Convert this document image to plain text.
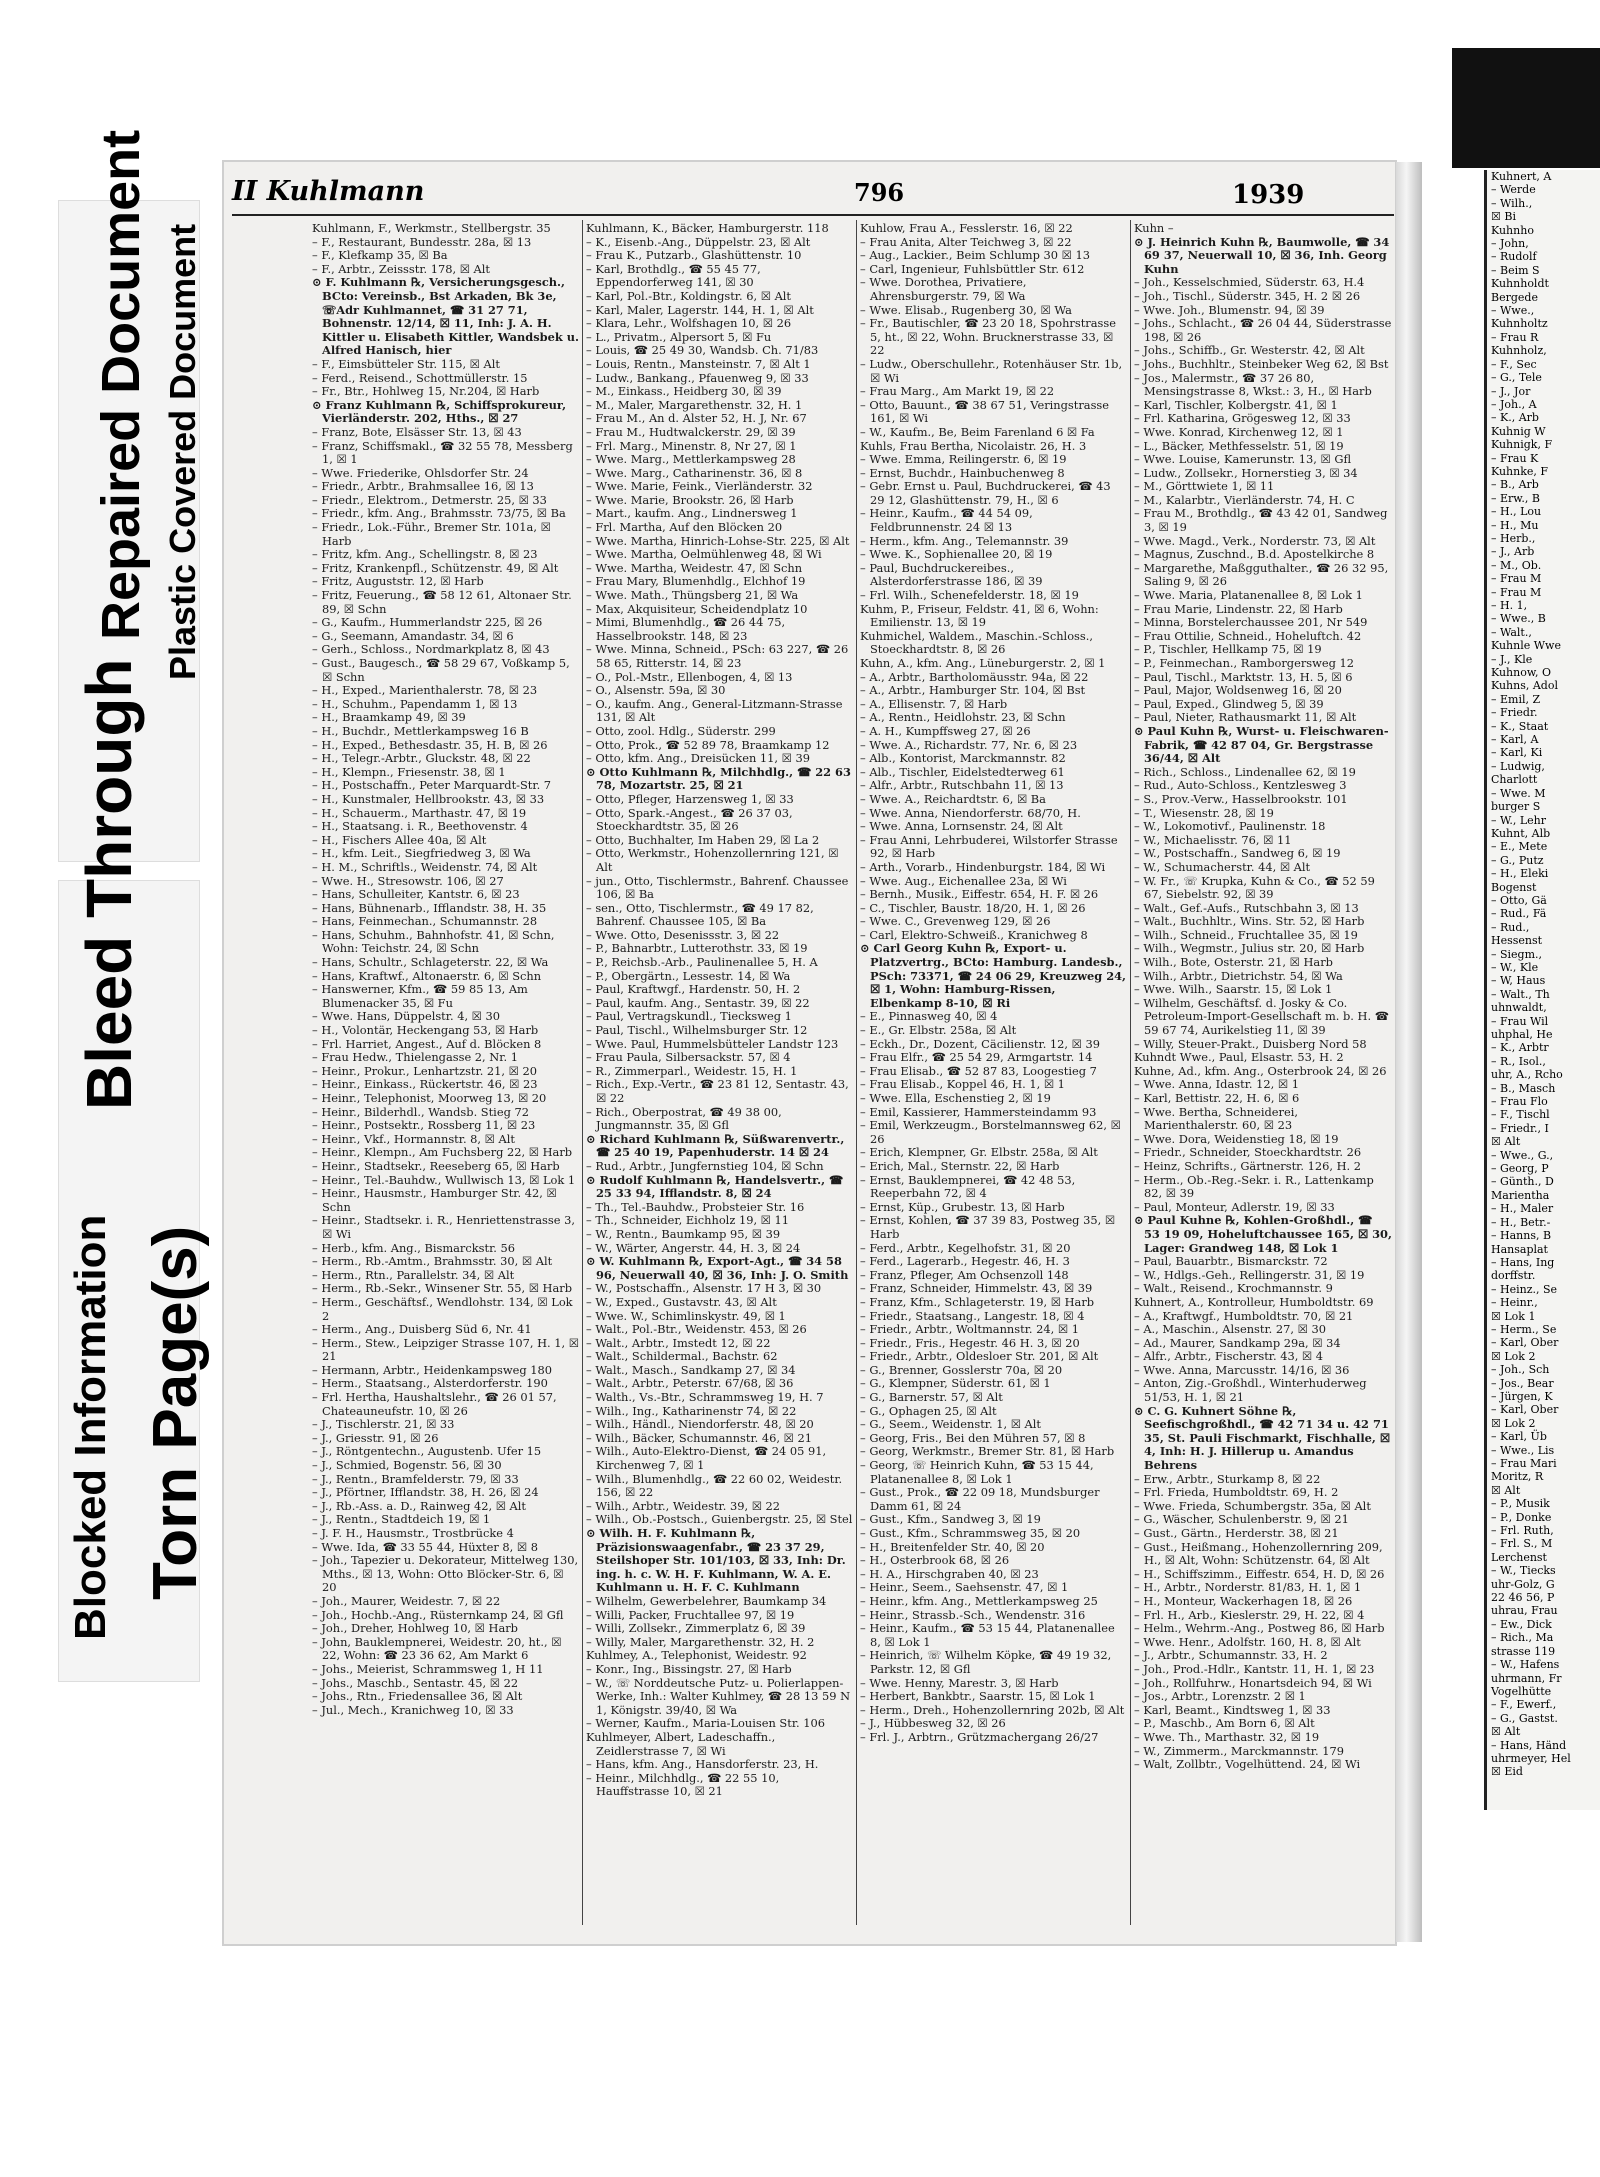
Blocked Information Torn Page(s)
Bleed Through
Repaired Document Plastic Covered Document
II Kuhlmann	796	1939

Kuhlmann, F., Werkmstr., Stellbergstr. 35

– F., Restaurant, Bundesstr. 28a, ☒ 13

– F., Klefkamp 35, ☒ Ba

– F., Arbtr., Zeissstr. 178, ☒ Alt

⊙ F. Kuhlmann ℞, Versicherungsgesch., BCto: Vereinsb., Bst Arkaden, Bk 3e, ☏Adr Kuhlmannet, ☎ 31 27 71, Bohnenstr. 12/14, ☒ 11, Inh: J. A. H. Kittler u. Elisabeth Kittler, Wandsbek u. Alfred Hanisch, hier

– F., Eimsbütteler Str. 115, ☒ Alt

– Ferd., Reisend., Schottmüllerstr. 15

– Fr., Btr., Hohlweg 15, Nr.204, ☒ Harb

⊙ Franz Kuhlmann ℞, Schiffsprokureur, Vierländerstr. 202, Hths., ☒ 27

– Franz, Bote, Elsässer Str. 13, ☒ 43

– Franz, Schiffsmakl., ☎ 32 55 78, Messberg 1, ☒ 1

– Wwe. Friederike, Ohlsdorfer Str. 24

– Friedr., Arbtr., Brahmsallee 16, ☒ 13

– Friedr., Elektrom., Detmerstr. 25, ☒ 33

– Friedr., kfm. Ang., Brahmsstr. 73/75, ☒ Ba

– Friedr., Lok.-Führ., Bremer Str. 101a, ☒ Harb

– Fritz, kfm. Ang., Schellingstr. 8, ☒ 23

– Fritz, Krankenpfl., Schützenstr. 49, ☒ Alt

– Fritz, Auguststr. 12, ☒ Harb

– Fritz, Feuerung., ☎ 58 12 61, Altonaer Str. 89, ☒ Schn

– G., Kaufm., Hummerlandstr 225, ☒ 26

– G., Seemann, Amandastr. 34, ☒ 6

– Gerh., Schloss., Nordmarkplatz 8, ☒ 43

– Gust., Baugesch., ☎ 58 29 67, Voßkamp 5, ☒ Schn

– H., Exped., Marienthalerstr. 78, ☒ 23

– H., Schuhm., Papendamm 1, ☒ 13

– H., Braamkamp 49, ☒ 39

– H., Buchdr., Mettlerkampsweg 16 B

– H., Exped., Bethesdastr. 35, H. B, ☒ 26

– H., Telegr.-Arbtr., Gluckstr. 48, ☒ 22

– H., Klempn., Friesenstr. 38, ☒ 1

– H., Postschaffn., Peter Marquardt-Str. 7

– H., Kunstmaler, Hellbrookstr. 43, ☒ 33

– H., Schauerm., Marthastr. 47, ☒ 19

– H., Staatsang. i. R., Beethovenstr. 4

– H., Fischers Allee 40a, ☒ Alt

– H., kfm. Leit., Siegfriedweg 3, ☒ Wa

– H. M., Schriftls., Weidenstr. 74, ☒ Alt

– Wwe. H., Stresowstr. 106, ☒ 27

– Hans, Schulleiter, Kantstr. 6, ☒ 23

– Hans, Bühnenarb., Ifflandstr. 38, H. 35

– Hans, Feinmechan., Schumannstr. 28

– Hans, Schuhm., Bahnhofstr. 41, ☒ Schn, Wohn: Teichstr. 24, ☒ Schn

– Hans, Schultr., Schlageterstr. 22, ☒ Wa

– Hans, Kraftwf., Altonaerstr. 6, ☒ Schn

– Hanswerner, Kfm., ☎ 59 85 13, Am Blumenacker 35, ☒ Fu

– Wwe. Hans, Düppelstr. 4, ☒ 30

– H., Volontär, Heckengang 53, ☒ Harb

– Frl. Harriet, Angest., Auf d. Blöcken 8

– Frau Hedw., Thielengasse 2, Nr. 1

– Heinr., Prokur., Lenhartzstr. 21, ☒ 20

– Heinr., Einkass., Rückertstr. 46, ☒ 23

– Heinr., Telephonist, Moorweg 13, ☒ 20

– Heinr., Bilderhdl., Wandsb. Stieg 72

– Heinr., Postsektr., Rossberg 11, ☒ 23

– Heinr., Vkf., Hormannstr. 8, ☒ Alt

– Heinr., Klempn., Am Fuchsberg 22, ☒ Harb

– Heinr., Stadtsekr., Reeseberg 65, ☒ Harb

– Heinr., Tel.-Bauhdw., Wullwisch 13, ☒ Lok 1

– Heinr., Hausmstr., Hamburger Str. 42, ☒ Schn

– Heinr., Stadtsekr. i. R., Henriettenstrasse 3, ☒ Wi

– Herb., kfm. Ang., Bismarckstr. 56

– Herm., Rb.-Amtm., Brahmsstr. 30, ☒ Alt

– Herm., Rtn., Parallelstr. 34, ☒ Alt

– Herm., Rb.-Sekr., Winsener Str. 55, ☒ Harb

– Herm., Geschäftsf., Wendlohstr. 134, ☒ Lok 2

– Herm., Ang., Duisberg Süd 6, Nr. 41

– Herm., Stew., Leipziger Strasse 107, H. 1, ☒ 21

– Hermann, Arbtr., Heidenkampsweg 180

– Herm., Staatsang., Alsterdorferstr. 190

– Frl. Hertha, Haushaltslehr., ☎ 26 01 57, Chateauneufstr. 10, ☒ 26

– J., Tischlerstr. 21, ☒ 33

– J., Griesstr. 91, ☒ 26

– J., Röntgentechn., Augustenb. Ufer 15

– J., Schmied, Bogenstr. 56, ☒ 30

– J., Rentn., Bramfelderstr. 79, ☒ 33

– J., Pförtner, Ifflandstr. 38, H. 26, ☒ 24

– J., Rb.-Ass. a. D., Rainweg 42, ☒ Alt

– J., Rentn., Stadtdeich 19, ☒ 1

– J. F. H., Hausmstr., Trostbrücke 4

– Wwe. Ida, ☎ 33 55 44, Hüxter 8, ☒ 8

– Joh., Tapezier u. Dekorateur, Mittelweg 130, Mths., ☒ 13, Wohn: Otto Blöcker-Str. 6, ☒ 20

– Joh., Maurer, Weidestr. 7, ☒ 22

– Joh., Hochb.-Ang., Rüsternkamp 24, ☒ Gfl

– Joh., Dreher, Hohlweg 10, ☒ Harb

– John, Bauklempnerei, Weidestr. 20, ht., ☒ 22, Wohn: ☎ 23 36 62, Am Markt 6

– Johs., Meierist, Schrammsweg 1, H 11

– Johs., Maschb., Sentastr. 45, ☒ 22

– Johs., Rtn., Friedensallee 36, ☒ Alt

– Jul., Mech., Kranichweg 10, ☒ 33

Kuhlmann, K., Bäcker, Hamburgerstr. 118

– K., Eisenb.-Ang., Düppelstr. 23, ☒ Alt

– Frau K., Putzarb., Glashüttenstr. 10

– Karl, Brothdlg., ☎ 55 45 77, Eppendorferweg 141, ☒ 30

– Karl, Pol.-Btr., Koldingstr. 6, ☒ Alt

– Karl, Maler, Lagerstr. 144, H. 1, ☒ Alt

– Klara, Lehr., Wolfshagen 10, ☒ 26

– L., Privatm., Alpersort 5, ☒ Fu

– Louis, ☎ 25 49 30, Wandsb. Ch. 71/83

– Louis, Rentn., Mansteinstr. 7, ☒ Alt 1

– Ludw., Bankang., Pfauenweg 9, ☒ 33

– M., Einkass., Heidberg 30, ☒ 39

– M., Maler, Margarethenstr. 32, H. 1

– Frau M., An d. Alster 52, H. J, Nr. 67

– Frau M., Hudtwalckerstr. 29, ☒ 39

– Frl. Marg., Minenstr. 8, Nr 27, ☒ 1

– Wwe. Marg., Mettlerkampsweg 28

– Wwe. Marg., Catharinenstr. 36, ☒ 8

– Wwe. Marie, Feink., Vierländerstr. 32

– Wwe. Marie, Brookstr. 26, ☒ Harb

– Mart., kaufm. Ang., Lindnersweg 1

– Frl. Martha, Auf den Blöcken 20

– Wwe. Martha, Hinrich-Lohse-Str. 225, ☒ Alt

– Wwe. Martha, Oelmühlenweg 48, ☒ Wi

– Wwe. Martha, Weidestr. 47, ☒ Schn

– Frau Mary, Blumenhdlg., Elchhof 19

– Wwe. Math., Thüngsberg 21, ☒ Wa

– Max, Akquisiteur, Scheidendplatz 10

– Mimi, Blumenhdlg., ☎ 26 44 75, Hasselbrookstr. 148, ☒ 23

– Wwe. Minna, Schneid., PSch: 63 227, ☎ 26 58 65, Ritterstr. 14, ☒ 23

– O., Pol.-Mstr., Ellenbogen, 4, ☒ 13

– O., Alsenstr. 59a, ☒ 30

– O., kaufm. Ang., General-Litzmann-Strasse 131, ☒ Alt

– Otto, zool. Hdlg., Süderstr. 299

– Otto, Prok., ☎ 52 89 78, Braamkamp 12

– Otto, kfm. Ang., Dreisücken 11, ☒ 39

⊙ Otto Kuhlmann ℞, Milchhdlg., ☎ 22 63 78, Mozartstr. 25, ☒ 21

– Otto, Pfleger, Harzensweg 1, ☒ 33

– Otto, Spark.-Angest., ☎ 26 37 03, Stoeckhardtstr. 35, ☒ 26

– Otto, Buchhalter, Im Haben 29, ☒ La 2

– Otto, Werkmstr., Hohenzollernring 121, ☒ Alt

– jun., Otto, Tischlermstr., Bahrenf. Chaussee 106, ☒ Ba

– sen., Otto, Tischlermstr., ☎ 49 17 82, Bahrenf. Chaussee 105, ☒ Ba

– Wwe. Otto, Desenissstr. 3, ☒ 22

– P., Bahnarbtr., Lutterothstr. 33, ☒ 19

– P., Reichsb.-Arb., Paulinenallee 5, H. A

– P., Obergärtn., Lessestr. 14, ☒ Wa

– Paul, Kraftwgf., Hardenstr. 50, H. 2

– Paul, kaufm. Ang., Sentastr. 39, ☒ 22

– Paul, Vertragskundl., Tiecksweg 1

– Paul, Tischl., Wilhelmsburger Str. 12

– Wwe. Paul, Hummelsbütteler Landstr 123

– Frau Paula, Silbersackstr. 57, ☒ 4

– R., Zimmerparl., Weidestr. 15, H. 1

– Rich., Exp.-Vertr., ☎ 23 81 12, Sentastr. 43, ☒ 22

– Rich., Oberpostrat, ☎ 49 38 00, Jungmannstr. 35, ☒ Gfl

⊙ Richard Kuhlmann ℞, Süßwarenvertr., ☎ 25 40 19, Papenhuderstr. 14 ☒ 24

– Rud., Arbtr., Jungfernstieg 104, ☒ Schn

⊙ Rudolf Kuhlmann ℞, Handelsvertr., ☎ 25 33 94, Ifflandstr. 8, ☒ 24

– Th., Tel.-Bauhdw., Probsteier Str. 16

– Th., Schneider, Eichholz 19, ☒ 11

– W., Rentn., Baumkamp 95, ☒ 39

– W., Wärter, Angerstr. 44, H. 3, ☒ 24

⊙ W. Kuhlmann ℞, Export-Agt., ☎ 34 58 96, Neuerwall 40, ☒ 36, Inh: J. O. Smith

– W., Postschaffn., Alsenstr. 17 H 3, ☒ 30

– W., Exped., Gustavstr. 43, ☒ Alt

– Wwe. W., Schimlinskystr. 49, ☒ 1

– Walt., Pol.-Btr., Weidenstr. 453, ☒ 26

– Walt., Arbtr., Imstedt 12, ☒ 22

– Walt., Schildermal., Bachstr. 62

– Walt., Masch., Sandkamp 27, ☒ 34

– Walt., Arbtr., Peterstr. 67/68, ☒ 36

– Walth., Vs.-Btr., Schrammsweg 19, H. 7

– Wilh., Ing., Katharinenstr 74, ☒ 22

– Wilh., Händl., Niendorferstr. 48, ☒ 20

– Wilh., Bäcker, Schumannstr. 46, ☒ 21

– Wilh., Auto-Elektro-Dienst, ☎ 24 05 91, Kirchenweg 7, ☒ 1

– Wilh., Blumenhdlg., ☎ 22 60 02, Weidestr. 156, ☒ 22

– Wilh., Arbtr., Weidestr. 39, ☒ 22

– Wilh., Ob.-Postsch., Guienbergstr. 25, ☒ Stel

⊙ Wilh. H. F. Kuhlmann ℞, Präzisionswaagenfabr., ☎ 23 37 29, Steilshoper Str. 101/103, ☒ 33, Inh: Dr. ing. h. c. W. H. F. Kuhlmann, W. A. E. Kuhlmann u. H. F. C. Kuhlmann

– Wilhelm, Gewerbelehrer, Baumkamp 34

– Willi, Packer, Fruchtallee 97, ☒ 19

– Willi, Zollsekr., Zimmerplatz 6, ☒ 39

– Willy, Maler, Margarethenstr. 32, H. 2

Kuhlmey, A., Telephonist, Weidestr. 92

– Konr., Ing., Bissingstr. 27, ☒ Harb

– W., ☏ Norddeutsche Putz- u. Polierlappen-Werke, Inh.: Walter Kuhlmey, ☎ 28 13 59 N 1, Königstr. 39/40, ☒ Wa

– Werner, Kaufm., Maria-Louisen Str. 106

Kuhlmeyer, Albert, Ladeschaffn., Zeidlerstrasse 7, ☒ Wi

– Hans, kfm. Ang., Hansdorferstr. 23, H.

– Heinr., Milchhdlg., ☎ 22 55 10, Hauffstrasse 10, ☒ 21

Kuhlow, Frau A., Fesslerstr. 16, ☒ 22

– Frau Anita, Alter Teichweg 3, ☒ 22

– Aug., Lackier., Beim Schlump 30 ☒ 13

– Carl, Ingenieur, Fuhlsbüttler Str. 612

– Wwe. Dorothea, Privatiere, Ahrensburgerstr. 79, ☒ Wa

– Wwe. Elisab., Rugenberg 30, ☒ Wa

– Fr., Bautischler, ☎ 23 20 18, Spohrstrasse 5, ht., ☒ 22, Wohn. Brucknerstrasse 33, ☒ 22

– Ludw., Oberschullehr., Rotenhäuser Str. 1b, ☒ Wi

– Frau Marg., Am Markt 19, ☒ 22

– Otto, Bauunt., ☎ 38 67 51, Veringstrasse 161, ☒ Wi

– W., Kaufm., Be, Beim Farenland 6 ☒ Fa

Kuhls, Frau Bertha, Nicolaistr. 26, H. 3

– Wwe. Emma, Reilingerstr. 6, ☒ 19

– Ernst, Buchdr., Hainbuchenweg 8

– Gebr. Ernst u. Paul, Buchdruckerei, ☎ 43 29 12, Glashüttenstr. 79, H., ☒ 6

– Heinr., Kaufm., ☎ 44 54 09, Feldbrunnenstr. 24 ☒ 13

– Herm., kfm. Ang., Telemannstr. 39

– Wwe. K., Sophienallee 20, ☒ 19

– Paul, Buchdruckereibes., Alsterdorferstrasse 186, ☒ 39

– Frl. Wilh., Schenefelderstr. 18, ☒ 19

Kuhm, P., Friseur, Feldstr. 41, ☒ 6, Wohn: Emilienstr. 13, ☒ 19

Kuhmichel, Waldem., Maschin.-Schloss., Stoeckhardtstr. 8, ☒ 26

Kuhn, A., kfm. Ang., Lüneburgerstr. 2, ☒ 1

– A., Arbtr., Bartholomäusstr. 94a, ☒ 22

– A., Arbtr., Hamburger Str. 104, ☒ Bst

– A., Ellisenstr. 7, ☒ Harb

– A., Rentn., Heidlohstr. 23, ☒ Schn

– A. H., Kumpffsweg 27, ☒ 26

– Wwe. A., Richardstr. 77, Nr. 6, ☒ 23

– Alb., Kontorist, Marckmannstr. 82

– Alb., Tischler, Eidelstedterweg 61

– Alfr., Arbtr., Rutschbahn 11, ☒ 13

– Wwe. A., Reichardtstr. 6, ☒ Ba

– Wwe. Anna, Niendorferstr. 68/70, H.

– Wwe. Anna, Lornsenstr. 24, ☒ Alt

– Frau Anni, Lehrbuderei, Wilstorfer Strasse 92, ☒ Harb

– Arth., Vorarb., Hindenburgstr. 184, ☒ Wi

– Wwe. Aug., Eichenallee 23a, ☒ Wi

– Bernh., Musik., Eiffestr. 654, H. F. ☒ 26

– C., Tischler, Baustr. 18/20, H. 1, ☒ 26

– Wwe. C., Grevenweg 129, ☒ 26

– Carl, Elektro-Schweiß., Kranichweg 8

⊙ Carl Georg Kuhn ℞, Export- u. Platzvertrg., BCto: Hamburg. Landesb., PSch: 73371, ☎ 24 06 29, Kreuzweg 24, ☒ 1, Wohn: Hamburg-Rissen, Elbenkamp 8-10, ☒ Ri

– E., Pinnasweg 40, ☒ 4

– E., Gr. Elbstr. 258a, ☒ Alt

– Eckh., Dr., Dozent, Cäcilienstr. 12, ☒ 39

– Frau Elfr., ☎ 25 54 29, Armgartstr. 14

– Frau Elisab., ☎ 52 87 83, Loogestieg 7

– Frau Elisab., Koppel 46, H. 1, ☒ 1

– Wwe. Ella, Eschenstieg 2, ☒ 19

– Emil, Kassierer, Hammersteindamm 93

– Emil, Werkzeugm., Borstelmannsweg 62, ☒ 26

– Erich, Klempner, Gr. Elbstr. 258a, ☒ Alt

– Erich, Mal., Sternstr. 22, ☒ Harb

– Ernst, Bauklempnerei, ☎ 42 48 53, Reeperbahn 72, ☒ 4

– Ernst, Küp., Grubestr. 13, ☒ Harb

– Ernst, Kohlen, ☎ 37 39 83, Postweg 35, ☒ Harb

– Ferd., Arbtr., Kegelhofstr. 31, ☒ 20

– Ferd., Lagerarb., Hegestr. 46, H. 3

– Franz, Pfleger, Am Ochsenzoll 148

– Franz, Schneider, Himmelstr. 43, ☒ 39

– Franz, Kfm., Schlageterstr. 19, ☒ Harb

– Friedr., Staatsang., Langestr. 18, ☒ 4

– Friedr., Arbtr., Woltmannstr. 24, ☒ 1

– Friedr., Fris., Hegestr. 46 H. 3, ☒ 20

– Friedr., Arbtr., Oldesloer Str. 201, ☒ Alt

– G., Brenner, Gosslerstr 70a, ☒ 20

– G., Klempner, Süderstr. 61, ☒ 1

– G., Barnerstr. 57, ☒ Alt

– G., Ophagen 25, ☒ Alt

– G., Seem., Weidenstr. 1, ☒ Alt

– Georg, Fris., Bei den Mühren 57, ☒ 8

– Georg, Werkmstr., Bremer Str. 81, ☒ Harb

– Georg, ☏ Heinrich Kuhn, ☎ 53 15 44, Platanenallee 8, ☒ Lok 1

– Gust., Prok., ☎ 22 09 18, Mundsburger Damm 61, ☒ 24

– Gust., Kfm., Sandweg 3, ☒ 19

– Gust., Kfm., Schrammsweg 35, ☒ 20

– H., Breitenfelder Str. 40, ☒ 20

– H., Osterbrook 68, ☒ 26

– H. A., Hirschgraben 40, ☒ 23

– Heinr., Seem., Saehsenstr. 47, ☒ 1

– Heinr., kfm. Ang., Mettlerkampsweg 25

– Heinr., Strassb.-Sch., Wendenstr. 316

– Heinr., Kaufm., ☎ 53 15 44, Platanenallee 8, ☒ Lok 1

– Heinrich, ☏ Wilhelm Köpke, ☎ 49 19 32, Parkstr. 12, ☒ Gfl

– Wwe. Henny, Marestr. 3, ☒ Harb

– Herbert, Bankbtr., Saarstr. 15, ☒ Lok 1

– Herm., Dreh., Hohenzollernring 202b, ☒ Alt

– J., Hübbesweg 32, ☒ 26

– Frl. J., Arbtrn., Grützmachergang 26/27

Kuhn –

⊙ J. Heinrich Kuhn ℞, Baumwolle, ☎ 34 69 37, Neuerwall 10, ☒ 36, Inh. Georg Kuhn

– Joh., Kesselschmied, Süderstr. 63, H.4

– Joh., Tischl., Süderstr. 345, H. 2 ☒ 26

– Wwe. Joh., Blumenstr. 94, ☒ 39

– Johs., Schlacht., ☎ 26 04 44, Süderstrasse 198, ☒ 26

– Johs., Schiffb., Gr. Westerstr. 42, ☒ Alt

– Johs., Buchhltr., Steinbeker Weg 62, ☒ Bst

– Jos., Malermstr., ☎ 37 26 80, Mensingstrasse 8, Wkst.: 3, H., ☒ Harb

– Karl, Tischler, Kolbergstr. 41, ☒ 1

– Frl. Katharina, Grögesweg 12, ☒ 33

– Wwe. Konrad, Kirchenweg 12, ☒ 1

– L., Bäcker, Methfesselstr. 51, ☒ 19

– Wwe. Louise, Kamerunstr. 13, ☒ Gfl

– Ludw., Zollsekr., Hornerstieg 3, ☒ 34

– M., Görttwiete 1, ☒ 11

– M., Kalarbtr., Vierländerstr. 74, H. C

– Frau M., Brothdlg., ☎ 43 42 01, Sandweg 3, ☒ 19

– Wwe. Magd., Verk., Norderstr. 73, ☒ Alt

– Magnus, Zuschnd., B.d. Apostelkirche 8

– Margarethe, Maßgguthalter., ☎ 26 32 95, Saling 9, ☒ 26

– Wwe. Maria, Platanenallee 8, ☒ Lok 1

– Frau Marie, Lindenstr. 22, ☒ Harb

– Minna, Borstelerchaussee 201, Nr 549

– Frau Ottilie, Schneid., Hoheluftch. 42

– P., Tischler, Hellkamp 75, ☒ 19

– P., Feinmechan., Ramborgersweg 12

– Paul, Tischl., Marktstr. 13, H. 5, ☒ 6

– Paul, Major, Woldsenweg 16, ☒ 20

– Paul, Exped., Glindweg 5, ☒ 39

– Paul, Nieter, Rathausmarkt 11, ☒ Alt

⊙ Paul Kuhn ℞, Wurst- u. Fleischwaren-Fabrik, ☎ 42 87 04, Gr. Bergstrasse 36/44, ☒ Alt

– Rich., Schloss., Lindenallee 62, ☒ 19

– Rud., Auto-Schloss., Kentzlesweg 3

– S., Prov.-Verw., Hasselbrookstr. 101

– T., Wiesenstr. 28, ☒ 19

– W., Lokomotivf., Paulinenstr. 18

– W., Michaelisstr. 76, ☒ 11

– W., Postschaffn., Sandweg 6, ☒ 19

– W., Schumacherstr. 44, ☒ Alt

– W. Fr., ☏ Krupka, Kuhn & Co., ☎ 52 59 67, Siebelstr. 92, ☒ 39

– Walt., Gef.-Aufs., Rutschbahn 3, ☒ 13

– Walt., Buchhltr., Wins. Str. 52, ☒ Harb

– Wilh., Schneid., Fruchtallee 35, ☒ 19

– Wilh., Wegmstr., Julius str. 20, ☒ Harb

– Wilh., Bote, Osterstr. 21, ☒ Harb

– Wilh., Arbtr., Dietrichstr. 54, ☒ Wa

– Wwe. Wilh., Saarstr. 15, ☒ Lok 1

– Wilhelm, Geschäftsf. d. Josky & Co. Petroleum-Import-Gesellschaft m. b. H. ☎ 59 67 74, Aurikelstieg 11, ☒ 39

– Willy, Steuer-Prakt., Duisberg Nord 58

Kuhndt Wwe., Paul, Elsastr. 53, H. 2

Kuhne, Ad., kfm. Ang., Osterbrook 24, ☒ 26

– Wwe. Anna, Idastr. 12, ☒ 1

– Karl, Bettistr. 22, H. 6, ☒ 6

– Wwe. Bertha, Schneiderei, Marienthalerstr. 60, ☒ 23

– Wwe. Dora, Weidenstieg 18, ☒ 19

– Friedr., Schneider, Stoeckhardtstr. 26

– Heinz, Schrifts., Gärtnerstr. 126, H. 2

– Herm., Ob.-Reg.-Sekr. i. R., Lattenkamp 82, ☒ 39

– Paul, Monteur, Adlerstr. 19, ☒ 33

⊙ Paul Kuhne ℞, Kohlen-Großhdl., ☎ 53 19 09, Hoheluftchaussee 165, ☒ 30, Lager: Grandweg 148, ☒ Lok 1

– Paul, Bauarbtr., Bismarckstr. 72

– W., Hdlgs.-Geh., Rellingerstr. 31, ☒ 19

– Walt., Reisend., Krochmannstr. 9

Kuhnert, A., Kontrolleur, Humboldtstr. 69

– A., Kraftwgf., Humboldtstr. 70, ☒ 21

– A., Maschin., Alsenstr. 27, ☒ 30

– Ad., Maurer, Sandkamp 29a, ☒ 34

– Alfr., Arbtr., Fischerstr. 43, ☒ 4

– Wwe. Anna, Marcusstr. 14/16, ☒ 36

– Anton, Zig.-Großhdl., Winterhuderweg 51/53, H. 1, ☒ 21

⊙ C. G. Kuhnert Söhne ℞, Seefischgroßhdl., ☎ 42 71 34 u. 42 71 35, St. Pauli Fischmarkt, Fischhalle, ☒ 4, Inh: H. J. Hillerup u. Amandus Behrens

– Erw., Arbtr., Sturkamp 8, ☒ 22

– Frl. Frieda, Humboldtstr. 69, H. 2

– Wwe. Frieda, Schumbergstr. 35a, ☒ Alt

– G., Wäscher, Schulenberstr. 9, ☒ 21

– Gust., Gärtn., Herderstr. 38, ☒ 21

– Gust., Heißmang., Hohenzollernring 209, H., ☒ Alt, Wohn: Schützenstr. 64, ☒ Alt

– H., Schiffszimm., Eiffestr. 654, H. D, ☒ 26

– H., Arbtr., Norderstr. 81/83, H. 1, ☒ 1

– H., Monteur, Wackerhagen 18, ☒ 26

– Frl. H., Arb., Kieslerstr. 29, H. 22, ☒ 4

– Helm., Wehrm.-Ang., Postweg 86, ☒ Harb

– Wwe. Henr., Adolfstr. 160, H. 8, ☒ Alt

– J., Arbtr., Schumannstr. 33, H. 2

– Joh., Prod.-Hdlr., Kantstr. 11, H. 1, ☒ 23

– Joh., Rollfuhrw., Honartsdeich 94, ☒ Wi

– Jos., Arbtr., Lorenzstr. 2 ☒ 1

– Karl, Beamt., Kindtsweg 1, ☒ 33

– P., Maschb., Am Born 6, ☒ Alt

– Wwe. Th., Marthastr. 32, ☒ 19

– W., Zimmerm., Marckmannstr. 179

– Walt, Zollbtr., Vogelhüttend. 24, ☒ Wi

Kuhnert, A

– Werde

– Wilh.,

☒ Bi

Kuhnho

– John,

– Rudolf

– Beim S

Kuhnholdt

Bergede

– Wwe.,

Kuhnholtz

– Frau R

Kuhnholz,

– F., Sec

– G., Tele

– J., Jor

– Joh., A

– K., Arb

Kuhnig W

Kuhnigk, F

– Frau K

Kuhnke, F

– B., Arb

– Erw., B

– H., Lou

– H., Mu

– Herb.,

– J., Arb

– M., Ob.

– Frau M

– Frau M

– H. 1,

– Wwe., B

– Walt.,

Kuhnle Wwe

– J., Kle

Kuhnow, O

Kuhns, Adol

– Emil, Z

– Friedr.

– K., Staat

– Karl, A

– Karl, Ki

– Ludwig,

Charlott

– Wwe. M

burger S

– W., Lehr

Kuhnt, Alb

– E., Mete

– G., Putz

– H., Eleki

Bogenst

– Otto, Gä

– Rud., Fä

– Rud.,

Hessenst

– Siegm.,

– W., Kle

– W, Haus

– Walt., Th

uhnwaldt,

– Frau Wil

uhphal, He

– K., Arbtr

– R., Isol.,

uhr, A., Rcho

– B., Masch

– Frau Flo

– F., Tischl

– Friedr., I

☒ Alt

– Wwe., G.,

– Georg, P

– Günth., D

Marientha

– H., Maler

– H., Betr.-

– Hanns, B

Hansaplat

– Hans, Ing

dorffstr.

– Heinz., Se

– Heinr.,

☒ Lok 1

– Herm., Se

– Karl, Ober

☒ Lok 2

– Joh., Sch

– Jos., Bear

– Jürgen, K

– Karl, Ober

☒ Lok 2

– Karl, Üb

– Wwe., Lis

– Frau Mari

Moritz, R

☒ Alt

– P., Musik

– P., Donke

– Frl. Ruth,

– Frl. S., M

Lerchenst

– W., Tiecks

uhr-Golz, G

22 46 56, P

uhrau, Frau

– Ew., Dick

– Rich., Ma

strasse 119

– W., Hafens

uhrmann, Fr

Vogelhütte

– F., Ewerf.,

– G., Gastst.

☒ Alt

– Hans, Händ

uhrmeyer, Hel

☒ Eid
